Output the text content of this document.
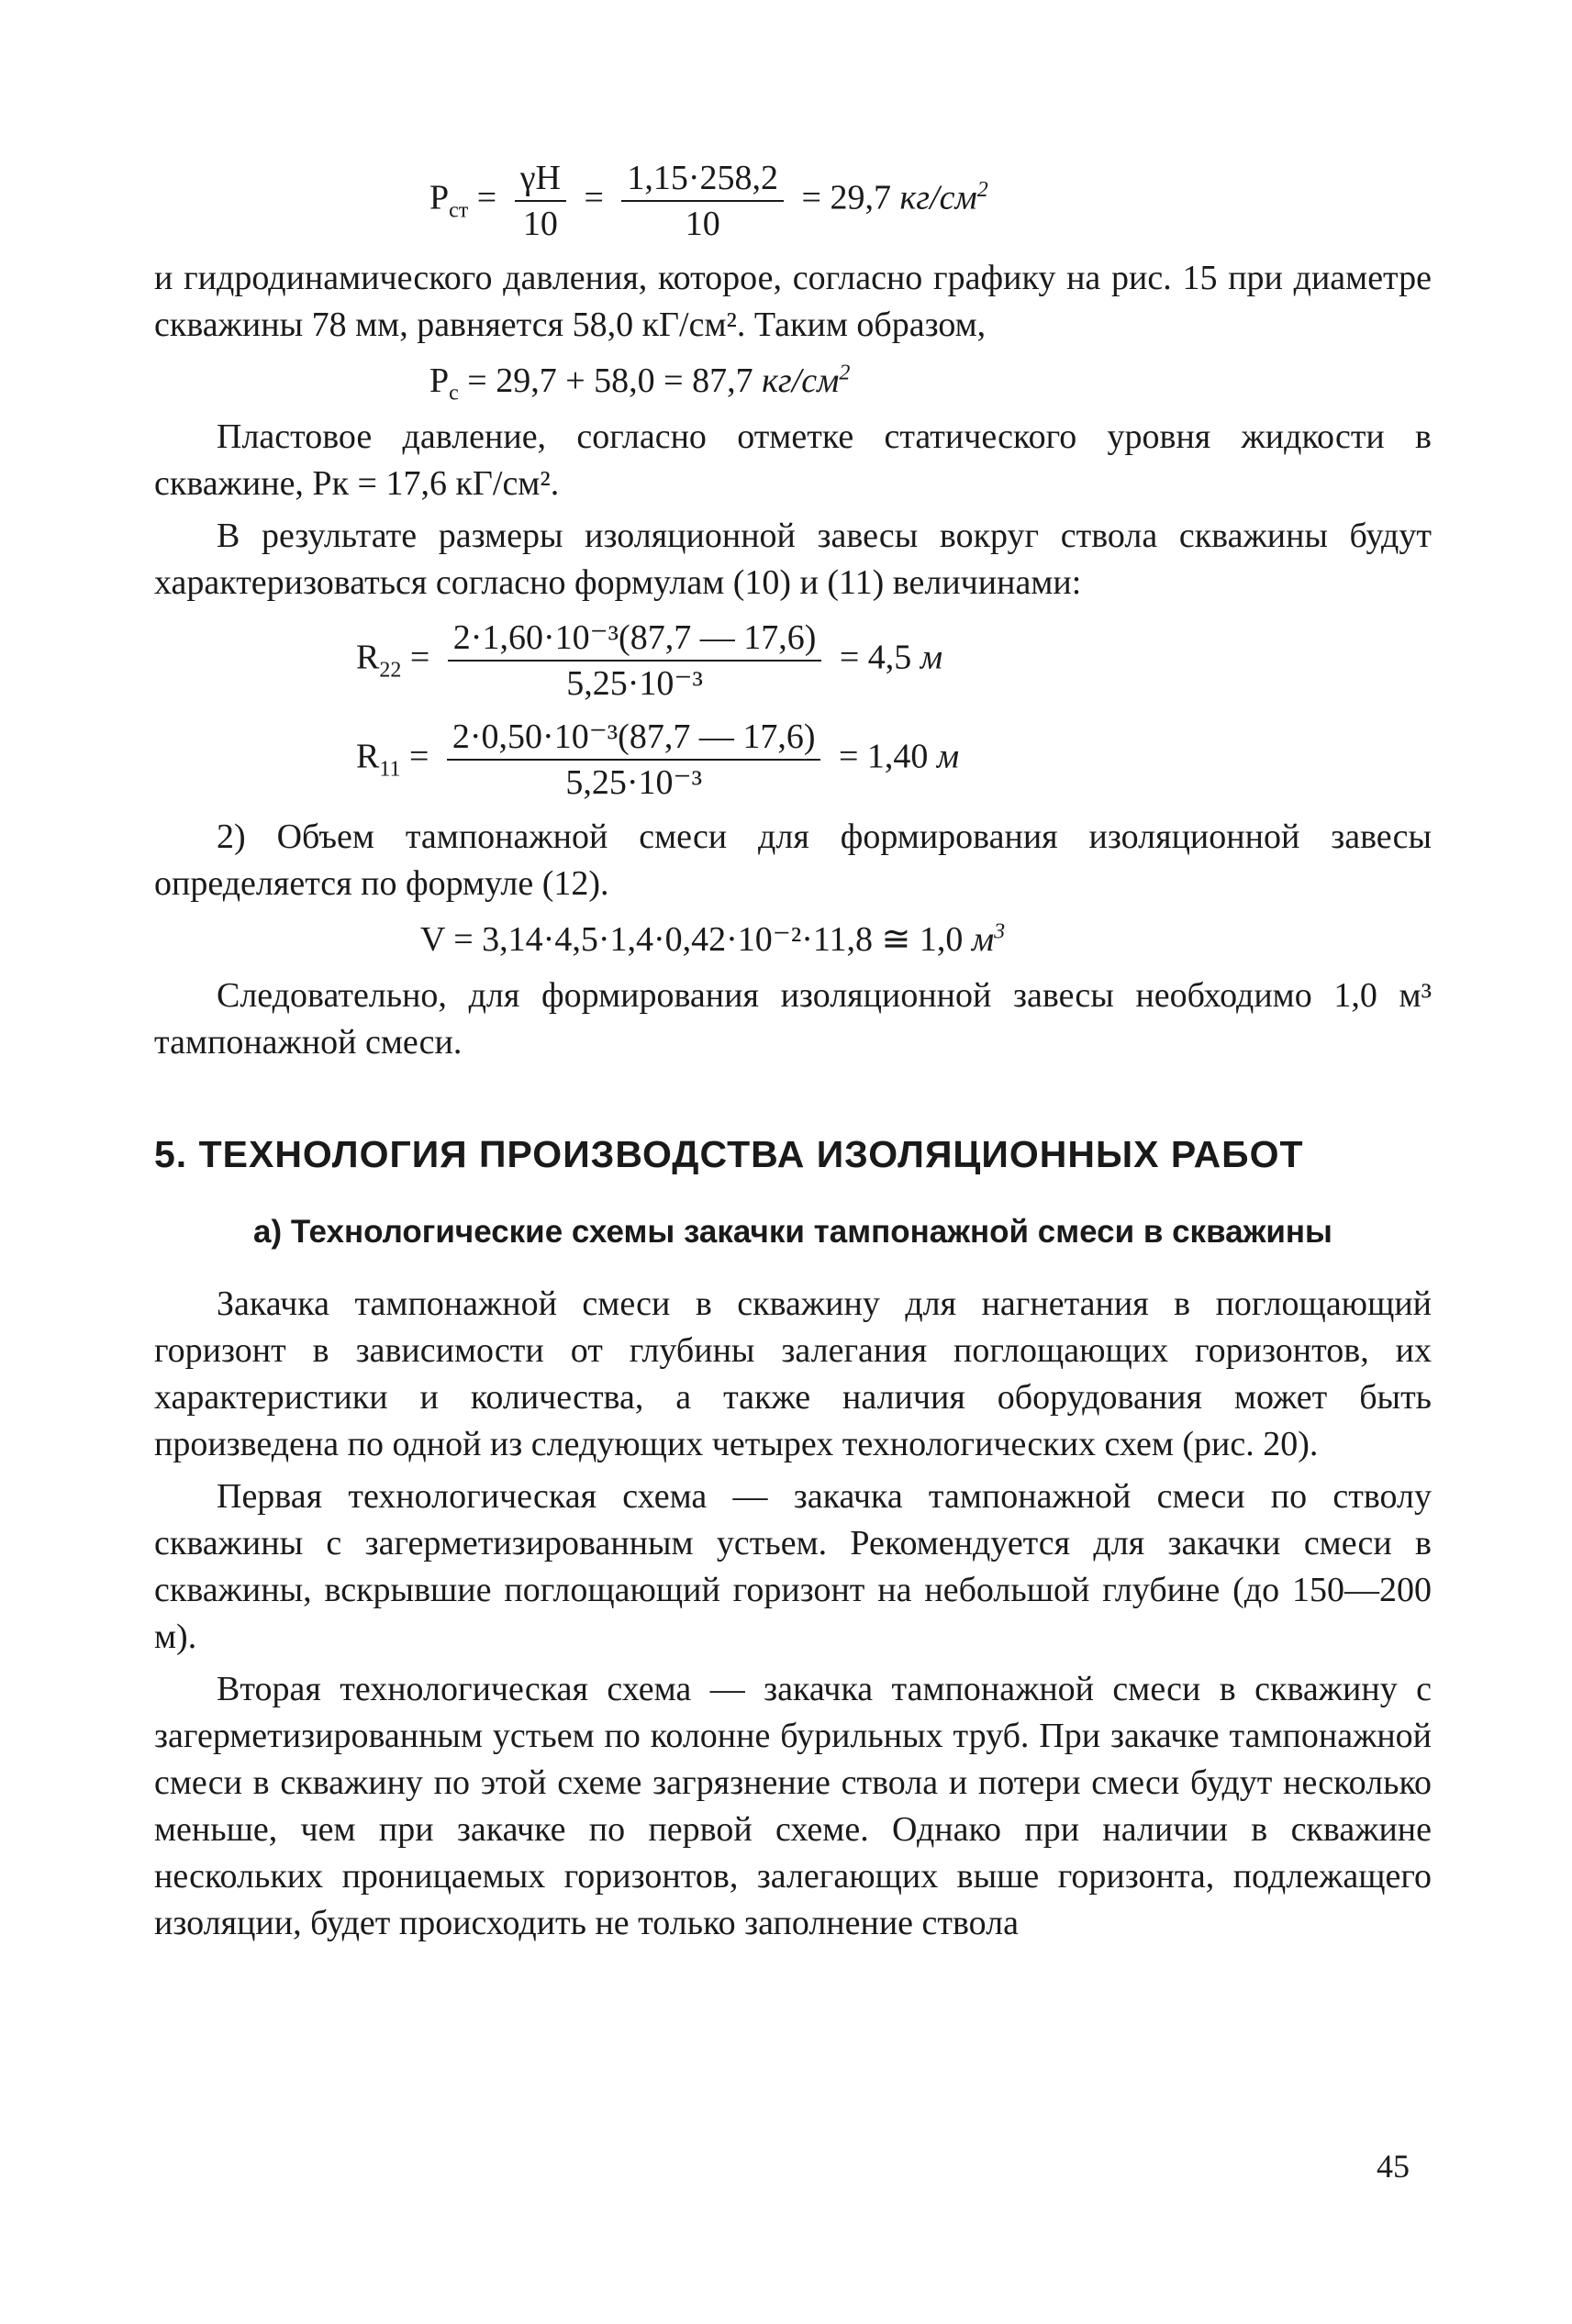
$P_{ст} = \frac{\gamma H}{10} = \frac{1,15\cdot 258,2}{10} = 29,7$ $кг/см^2$

и гидродинамического давления, которое, согласно графику на рис. 15 при диаметре скважины 78 мм, равняется 58,0 кГ/см². Таким образом,

$P_с = 29,7 + 58,0 = 87,7$ $кг/см^2$

Пластовое давление, согласно отметке статического уровня жидкости в скважине, Pк = 17,6 кГ/см².

В результате размеры изоляционной завесы вокруг ствола скважины будут характеризоваться согласно формулам (10) и (11) величинами:

$R_{22} = \frac{\text{2·1,60·10⁻³(87,7 — 17,6)}}{\text{5,25·10⁻³}} = 4,5$ м
$R_{11} = \frac{\text{2·0,50·10⁻³(87,7 — 17,6)}}{\text{5,25·10⁻³}} = 1,40$ м

2) Объем тампонажной смеси для формирования изоляционной завесы определяется по формуле (12).

V = 3,14·4,5·1,4·0,42·10⁻²·11,8 ≅ 1,0 $м^3$

Следовательно, для формирования изоляционной завесы необходимо 1,0 м³ тампонажной смеси.

5. ТЕХНОЛОГИЯ ПРОИЗВОДСТВА ИЗОЛЯЦИОННЫХ РАБОТ
а) Технологические схемы закачки тампонажной смеси в скважины

Закачка тампонажной смеси в скважину для нагнетания в поглощающий горизонт в зависимости от глубины залегания поглощающих горизонтов, их характеристики и количества, а также наличия оборудования может быть произведена по одной из следующих четырех технологических схем (рис. 20).

Первая технологическая схема — закачка тампонажной смеси по стволу скважины с загерметизированным устьем. Рекомендуется для закачки смеси в скважины, вскрывшие поглощающий горизонт на небольшой глубине (до 150—200 м).

Вторая технологическая схема — закачка тампонажной смеси в скважину с загерметизированным устьем по колонне бурильных труб. При закачке тампонажной смеси в скважину по этой схеме загрязнение ствола и потери смеси будут несколько меньше, чем при закачке по первой схеме. Однако при наличии в скважине нескольких проницаемых горизонтов, залегающих выше горизонта, подлежащего изоляции, будет происходить не только заполнение ствола

45
